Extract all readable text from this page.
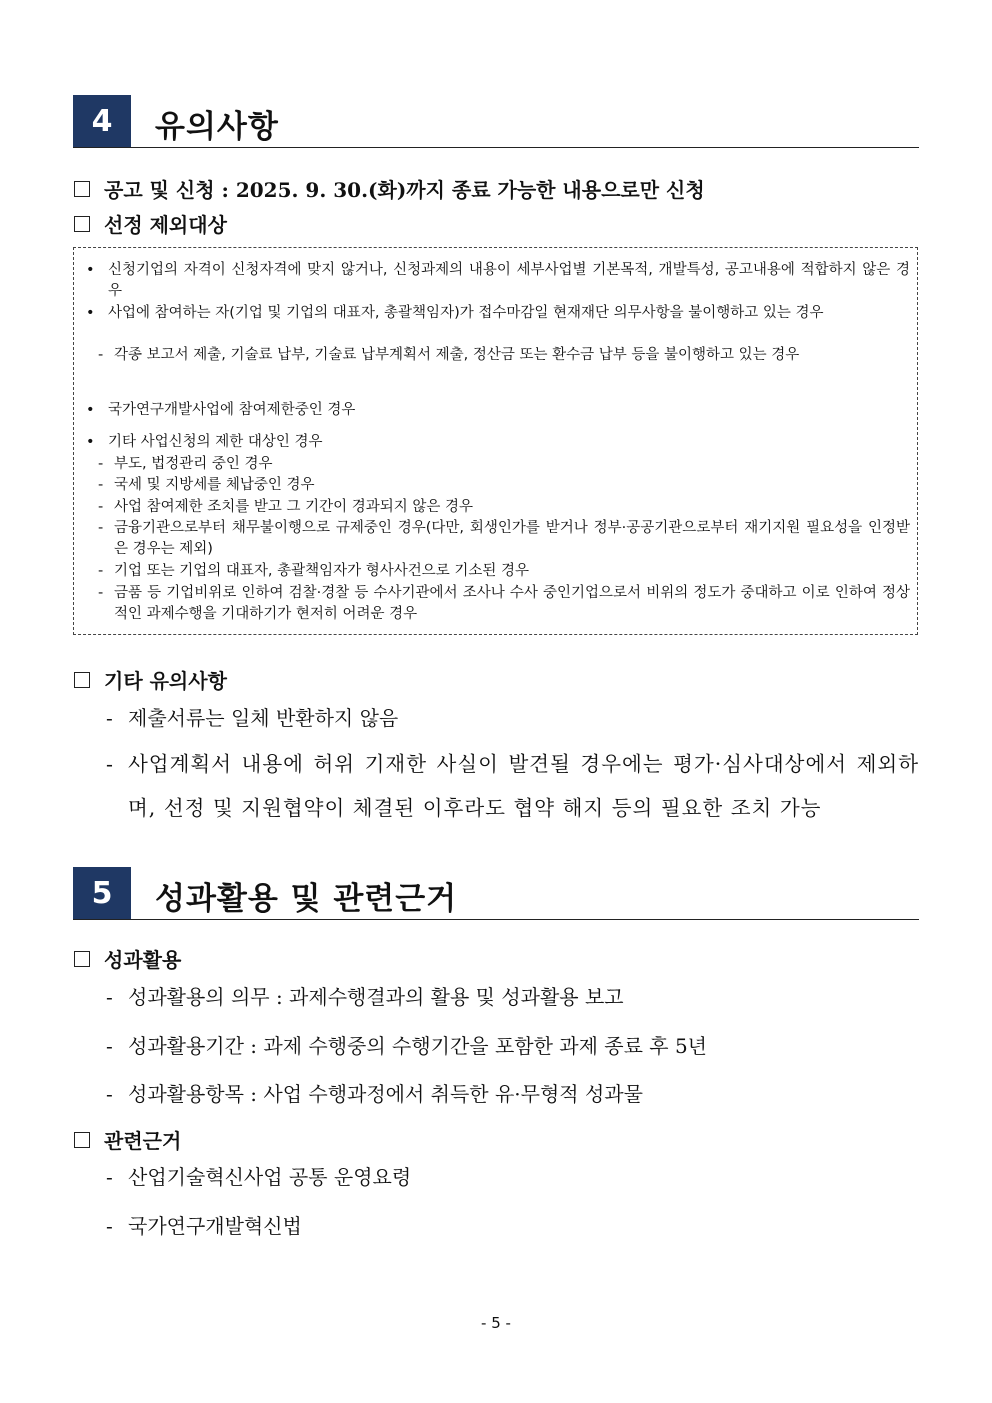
4	유의사항
공고 및 신청 : 2025. 9. 30.(화)까지 종료 가능한 내용으로만 신청
선정 제외대상
• 신청기업의 자격이 신청자격에 맞지 않거나, 신청과제의 내용이 세부사업별 기본목적, 개발특성, 공고내용에 적합하지 않은 경우
• 사업에 참여하는 자(기업 및 기업의 대표자, 총괄책임자)가 접수마감일 현재재단 의무사항을 불이행하고 있는 경우
- 각종 보고서 제출, 기술료 납부, 기술료 납부계획서 제출, 정산금 또는 환수금 납부 등을 불이행하고 있는 경우
• 국가연구개발사업에 참여제한중인 경우
• 기타 사업신청의 제한 대상인 경우
- 부도, 법정관리 중인 경우
- 국세 및 지방세를 체납중인 경우
- 사업 참여제한 조치를 받고 그 기간이 경과되지 않은 경우
- 금융기관으로부터 채무불이행으로 규제중인 경우(다만, 회생인가를 받거나 정부·공공기관으로부터 재기지원 필요성을 인정받은 경우는 제외)
- 기업 또는 기업의 대표자, 총괄책임자가 형사사건으로 기소된 경우
- 금품 등 기업비위로 인하여 검찰·경찰 등 수사기관에서 조사나 수사 중인기업으로서 비위의 정도가 중대하고 이로 인하여 정상적인 과제수행을 기대하기가 현저히 어려운 경우
기타 유의사항
- 제출서류는 일체 반환하지 않음
- 사업계획서 내용에 허위 기재한 사실이 발견될 경우에는 평가·심사대상에서 제외하며, 선정 및 지원협약이 체결된 이후라도 협약 해지 등의 필요한 조치 가능
5	성과활용 및 관련근거
성과활용
- 성과활용의 의무 : 과제수행결과의 활용 및 성과활용 보고
- 성과활용기간 : 과제 수행중의 수행기간을 포함한 과제 종료 후 5년
- 성과활용항목 : 사업 수행과정에서 취득한 유·무형적 성과물
관련근거
- 산업기술혁신사업 공통 운영요령
- 국가연구개발혁신법
- 5 -
